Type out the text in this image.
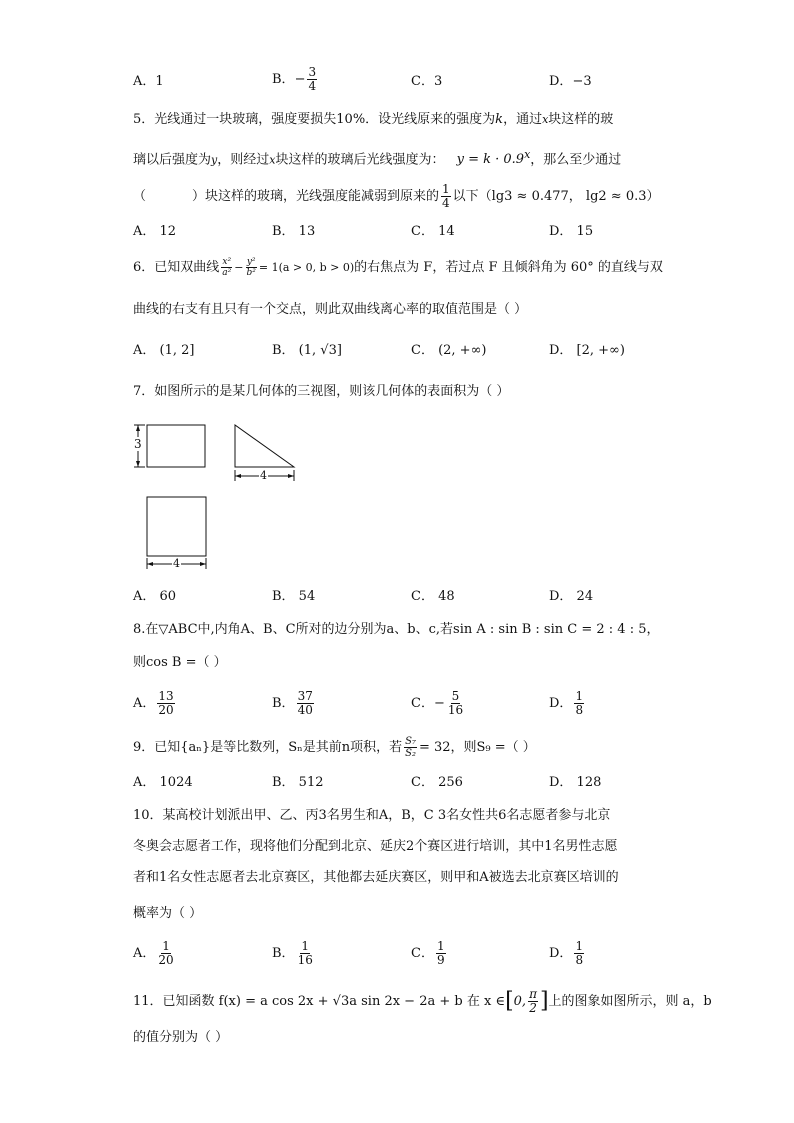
A．1	B．− $\frac{3}{4}$	C．3	D．−3
5．光线通过一块玻璃，强度要损失10%．设光线原来的强度为k，通过x块这样的玻
璃以后强度为y，则经过x块这样的玻璃后光线强度为： $y = k \cdot 0.9^x$，那么至少通过
（	）块这样的玻璃，光线强度能减弱到原来的 $\frac{1}{4}$ 以下（lg3 ≈ 0.477， lg2 ≈ 0.3）
A． 12	B． 13	C． 14	D． 15
6．已知双曲线 $\frac{\text{x²}}{\text{a²}} - \frac{\text{y²}}{\text{b²}} = 1(a > 0$, b > 0)的右焦点为 F，若过点 F 且倾斜角为 60° 的直线与双
曲线的右支有且只有一个交点，则此双曲线离心率的取值范围是（ ）
A． (1, 2]	B． (1, √3]	C． (2, +∞)	D． [2, +∞)
7．如图所示的是某几何体的三视图，则该几何体的表面积为（ ）
3
4
4
A． 60	B． 54	C． 48	D． 24
8.在▽ABC中,内角A、B、C所对的边分别为a、b、c,若sin A : sin B : sin C = 2 : 4 : 5，
则cos B =（ ）
A． $\frac{13}{20}$	B． $\frac{37}{40}$	C．− $\frac{5}{16}$	D． $\frac{1}{8}$
9．已知{aₙ}是等比数列，Sₙ是其前n项积，若 $\frac{\text{S₇}}{\text{S₂}} = 32$，则S₉ =（ ）
A． 1024	B． 512	C． 256	D． 128
10．某高校计划派出甲、乙、丙3名男生和A，B，C 3名女性共6名志愿者参与北京
冬奥会志愿者工作，现将他们分配到北京、延庆2个赛区进行培训，其中1名男性志愿
者和1名女性志愿者去北京赛区，其他都去延庆赛区，则甲和A被选去北京赛区培训的
概率为（ ）
A． $\frac{1}{20}$	B． $\frac{1}{16}$	C． $\frac{1}{9}$	D． $\frac{1}{8}$
11．已知函数 f(x) = a cos 2x + √3a sin 2x − 2a + b 在 x ∈[0, $\frac{\pi}{2}$ ]上的图象如图所示，则 a，b
的值分别为（ ）
